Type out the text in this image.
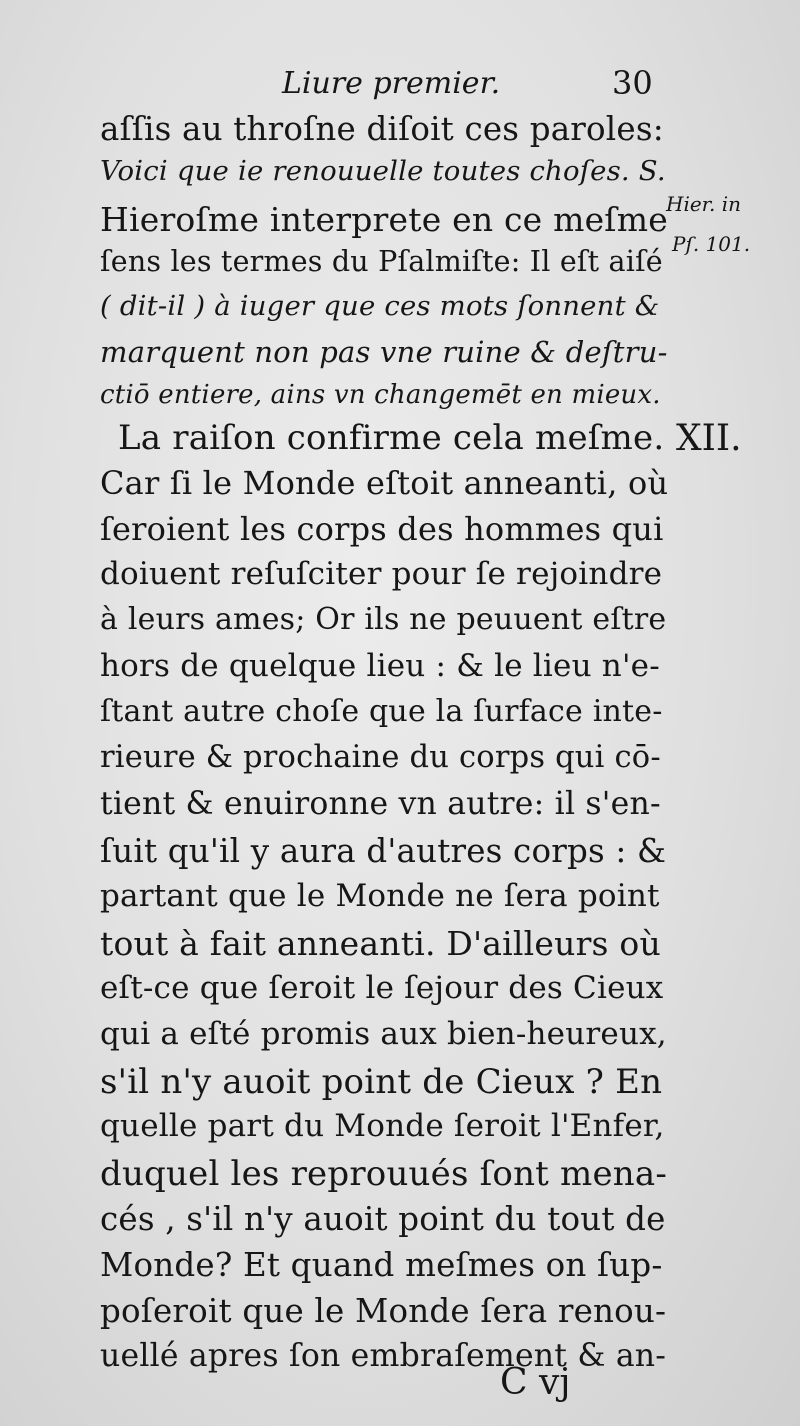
Liure premier.	30
Hier. in
Pſ. 101.
XII.
aſſis au throſne diſoit ces paroles:
Voici que ie renouuelle toutes choſes. S.
Hieroſme interprete en ce meſme
ſens les termes du Pſalmiſte: Il eſt aiſé
( dit-il ) à iuger que ces mots ſonnent &
marquent non pas vne ruine & deſtru-
ctiō entiere, ains vn changemēt en mieux.
La raiſon confirme cela meſme.
Car ſi le Monde eſtoit anneanti, où
ſeroient les corps des hommes qui
doiuent reſuſciter pour ſe rejoindre
à leurs ames; Or ils ne peuuent eſtre
hors de quelque lieu : & le lieu n'e-
ſtant autre choſe que la ſurface inte-
rieure & prochaine du corps qui cō-
tient & enuironne vn autre: il s'en-
ſuit qu'il y aura d'autres corps : &
partant que le Monde ne ſera point
tout à fait anneanti. D'ailleurs où
eſt-ce que ſeroit le ſejour des Cieux
qui a eſté promis aux bien-heureux,
s'il n'y auoit point de Cieux ? En
quelle part du Monde ſeroit l'Enfer,
duquel les reprouués ſont mena-
cés , s'il n'y auoit point du tout de
Monde? Et quand meſmes on ſup-
poſeroit que le Monde ſera renou-
uellé apres ſon embraſement & an-
C vj
